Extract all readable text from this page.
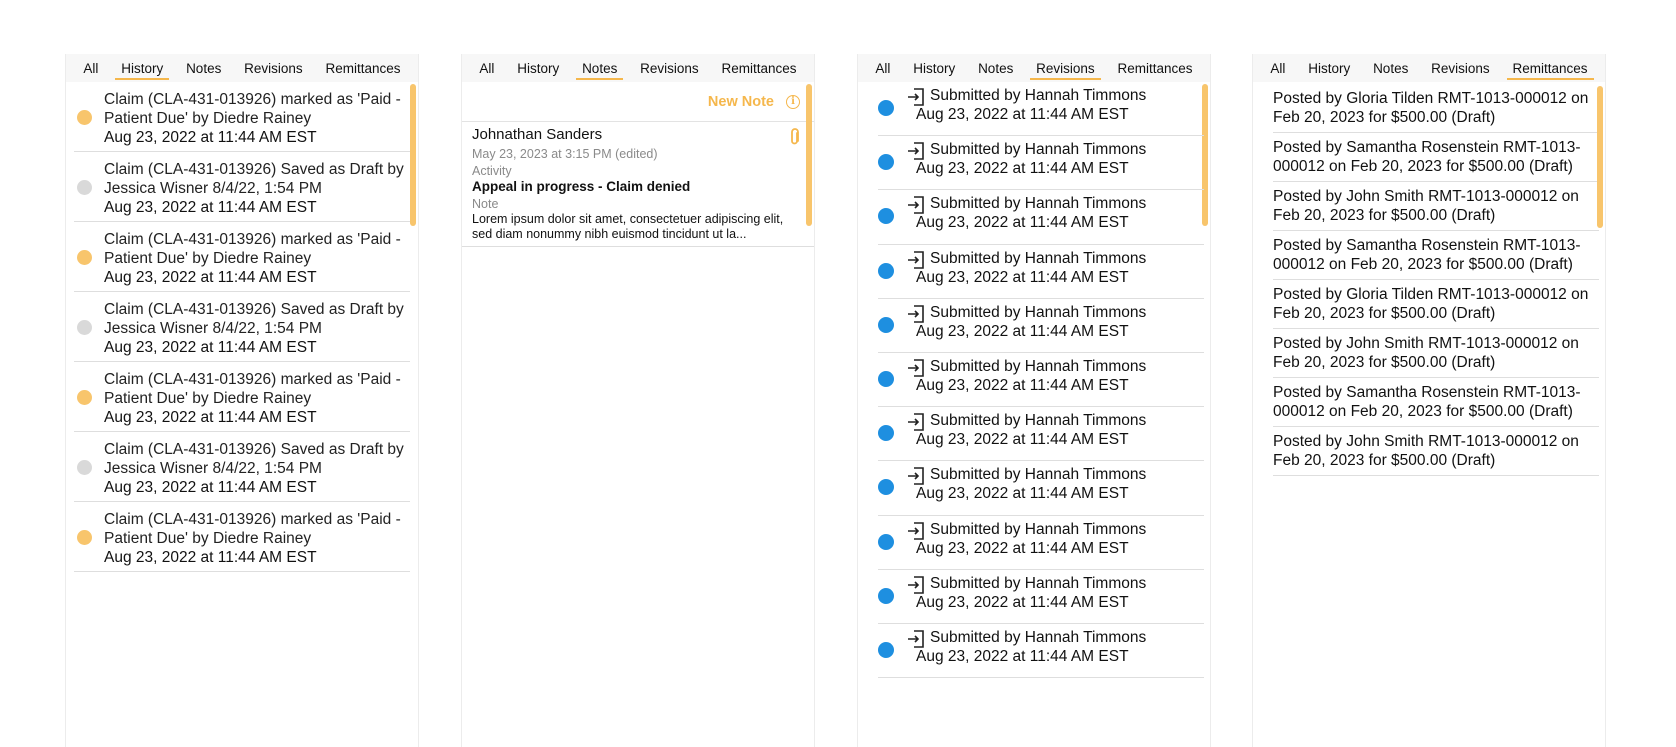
All	History	Notes	Revisions	Remittances
Claim (CLA-431-013926) marked as 'Paid - Patient Due' by Diedre Rainey
Aug 23, 2022 at 11:44 AM EST
Claim (CLA-431-013926) Saved as Draft by Jessica Wisner 8/4/22, 1:54 PM
Aug 23, 2022 at 11:44 AM EST
Claim (CLA-431-013926) marked as 'Paid - Patient Due' by Diedre Rainey
Aug 23, 2022 at 11:44 AM EST
Claim (CLA-431-013926) Saved as Draft by Jessica Wisner 8/4/22, 1:54 PM
Aug 23, 2022 at 11:44 AM EST
Claim (CLA-431-013926) marked as 'Paid - Patient Due' by Diedre Rainey
Aug 23, 2022 at 11:44 AM EST
Claim (CLA-431-013926) Saved as Draft by Jessica Wisner 8/4/22, 1:54 PM
Aug 23, 2022 at 11:44 AM EST
Claim (CLA-431-013926) marked as 'Paid - Patient Due' by Diedre Rainey
Aug 23, 2022 at 11:44 AM EST
All	History	Notes	Revisions	Remittances
New Note	i
Johnathan Sanders
May 23, 2023 at 3:15 PM (edited)
Activity
Appeal in progress - Claim denied
Note
Lorem ipsum dolor sit amet, consectetuer adipiscing elit, sed diam nonummy nibh euismod tincidunt ut la...
All	History	Notes	Revisions	Remittances
Submitted by Hannah Timmons
Aug 23, 2022 at 11:44 AM EST
Submitted by Hannah Timmons
Aug 23, 2022 at 11:44 AM EST
Submitted by Hannah Timmons
Aug 23, 2022 at 11:44 AM EST
Submitted by Hannah Timmons
Aug 23, 2022 at 11:44 AM EST
Submitted by Hannah Timmons
Aug 23, 2022 at 11:44 AM EST
Submitted by Hannah Timmons
Aug 23, 2022 at 11:44 AM EST
Submitted by Hannah Timmons
Aug 23, 2022 at 11:44 AM EST
Submitted by Hannah Timmons
Aug 23, 2022 at 11:44 AM EST
Submitted by Hannah Timmons
Aug 23, 2022 at 11:44 AM EST
Submitted by Hannah Timmons
Aug 23, 2022 at 11:44 AM EST
Submitted by Hannah Timmons
Aug 23, 2022 at 11:44 AM EST
All	History	Notes	Revisions	Remittances
Posted by Gloria Tilden RMT-1013-000012 on Feb 20, 2023 for $500.00 (Draft)
Posted by Samantha Rosenstein RMT-1013-000012 on Feb 20, 2023 for $500.00 (Draft)
Posted by John Smith RMT-1013-000012 on Feb 20, 2023 for $500.00 (Draft)
Posted by Samantha Rosenstein RMT-1013-000012 on Feb 20, 2023 for $500.00 (Draft)
Posted by Gloria Tilden RMT-1013-000012 on Feb 20, 2023 for $500.00 (Draft)
Posted by John Smith RMT-1013-000012 on Feb 20, 2023 for $500.00 (Draft)
Posted by Samantha Rosenstein RMT-1013-000012 on Feb 20, 2023 for $500.00 (Draft)
Posted by John Smith RMT-1013-000012 on Feb 20, 2023 for $500.00 (Draft)
